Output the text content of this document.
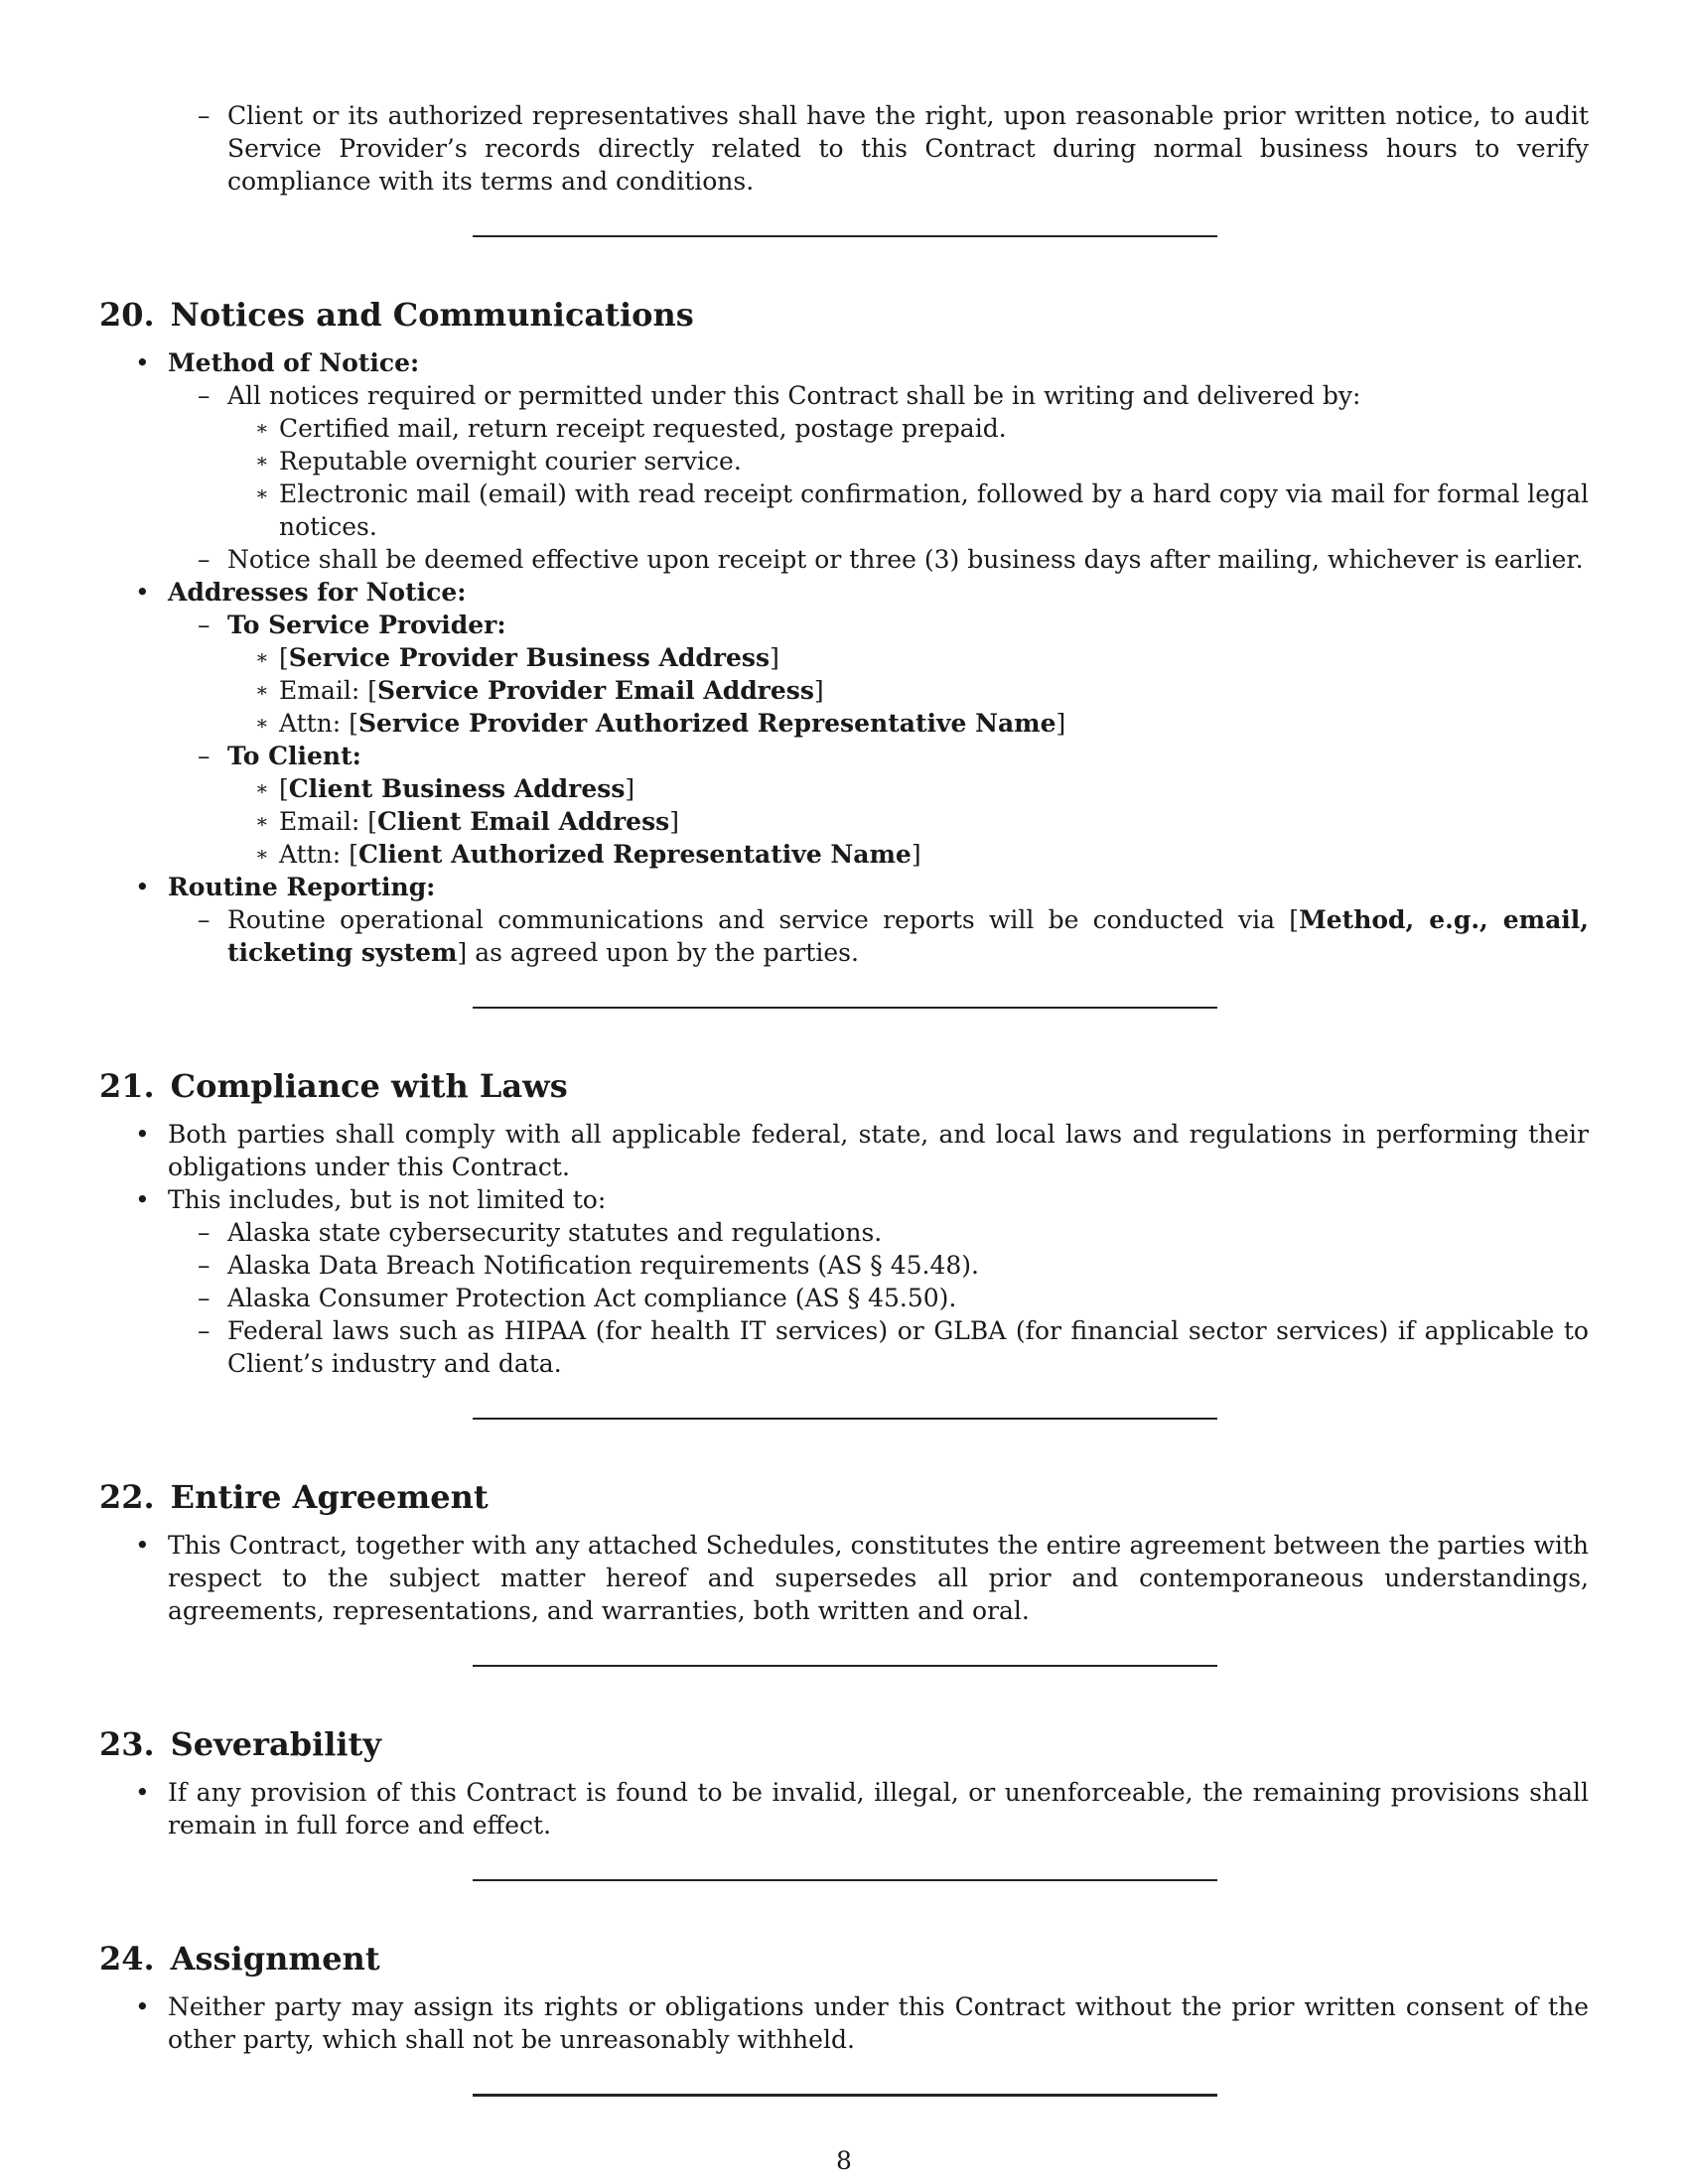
– Client or its authorized representatives shall have the right, upon reasonable prior written notice, to audit Service Provider’s records directly related to this Contract during normal business hours to verify compliance with its terms and conditions.

20. Notices and Communications
• Method of Notice:
– All notices required or permitted under this Contract shall be in writing and delivered by:
∗ Certified mail, return receipt requested, postage prepaid.
∗ Reputable overnight courier service.
∗ Electronic mail (email) with read receipt confirmation, followed by a hard copy via mail for formal legal notices.
– Notice shall be deemed effective upon receipt or three (3) business days after mailing, whichever is earlier.
• Addresses for Notice:
– To Service Provider:
∗ [Service Provider Business Address]
∗ Email: [Service Provider Email Address]
∗ Attn: [Service Provider Authorized Representative Name]
– To Client:
∗ [Client Business Address]
∗ Email: [Client Email Address]
∗ Attn: [Client Authorized Representative Name]
• Routine Reporting:
– Routine operational communications and service reports will be conducted via [Method, e.g., email, ticketing system] as agreed upon by the parties.
21. Compliance with Laws
• Both parties shall comply with all applicable federal, state, and local laws and regulations in performing their obligations under this Contract.
• This includes, but is not limited to:
– Alaska state cybersecurity statutes and regulations.
– Alaska Data Breach Notification requirements (AS § 45.48).
– Alaska Consumer Protection Act compliance (AS § 45.50).
– Federal laws such as HIPAA (for health IT services) or GLBA (for financial sector services) if applicable to Client’s industry and data.
22. Entire Agreement
• This Contract, together with any attached Schedules, constitutes the entire agreement between the parties with respect to the subject matter hereof and supersedes all prior and contemporaneous understandings, agreements, representations, and warranties, both written and oral.
23. Severability
• If any provision of this Contract is found to be invalid, illegal, or unenforceable, the remaining provisions shall remain in full force and effect.
24. Assignment
• Neither party may assign its rights or obligations under this Contract without the prior written consent of the other party, which shall not be unreasonably withheld.
8
